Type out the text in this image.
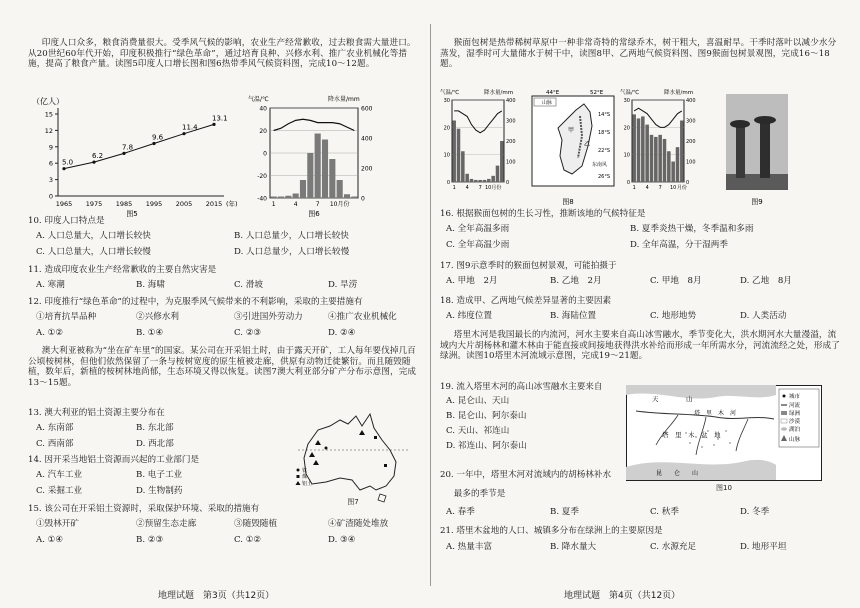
印度人口众多，粮食消费量很大。受季风气候的影响，农业生产经常歉收，过去粮食需大量进口。从20世纪60年代开始，印度积极推行“绿色革命”，通过培育良种、兴修水利、推广农业机械化等措施，提高了粮食产量。读图5印度人口增长图和图6热带季风气候资料图，完成10～12题。

（亿人）
15
12
9
6
3
0
1965 1975 1985 1995 2005 2015 (年)
5.0
6.2
7.8
9.6
11.4
13.1
图5
气温/℃	降水量/mm
40
20
0
-20
-40
600
400
200
0
1	4	7 10月份
图6

10. 印度人口特点是

A. 人口总量大，人口增长较快	B. 人口总量少，人口增长较快
C. 人口总量大，人口增长较慢	D. 人口总量少，人口增长较慢

11. 造成印度农业生产经常歉收的主要自然灾害是

A. 寒潮	B. 海啸	C. 滑坡	D. 旱涝

12. 印度推行“绿色革命”的过程中，为克服季风气候带来的不利影响，采取的主要措施有

①培育抗旱品种	②兴修水利	③引进国外劳动力	④推广农业机械化
A. ①②	B. ①④	C. ②③	D. ②④

澳大利亚被称为“坐在矿车里”的国家。某公司在开采铝土时，由于露天开矿，工人每年要伐掉几百公顷桉树林，但他们依然保留了一条与桉树宽度的原生植被走廊，供原有动物迁徙繁衍。而且随毁随植，数年后，新植的桉树林地尚郁，生态环境又得以恢复。读图7澳大利亚部分矿产分布示意图，完成13～15题。

13. 澳大利亚的铝土资源主要分布在

A. 东南部	B. 东北部
C. 西南部	D. 西北部

14. 因开采当地铝土资源而兴起的工业部门是

A. 汽车工业	B. 电子工业
C. 采掘工业	D. 生物制药
铁
煤
铝土
图7

15. 该公司在开采铝土资源时，采取保护环境、采取的措施有

①毁林开矿	②预留生态走廊	③随毁随植	④矿渣随处堆放
A. ①④	B. ②③	C. ①②	D. ③④
地理试题　第3页（共12页）

猴面包树是热带稀树草原中一种非常奇特的常绿乔木，树干粗大，喜温耐旱。干季时落叶以减少水分蒸发，湿季时可大量储水于树干中，读图8甲、乙两地气候资料图、图9猴面包树景观图，完成16～18题。

气温/℃	降水量/mm
30
20
10
0
400
300
200
100
0
1 4 7 10月份
气温/℃	降水量/mm
30
20
10
0
400
300
200
100
0
1 4 7 10 月份
44°E	52°E
山脉
甲
乙
14°S
18°S
22°S
26°S
东南风
图8	图9

16. 根据猴面包树的生长习性，推断该地的气候特征是

A. 全年高温多雨	B. 夏季炎热干燥，冬季温和多雨
C. 全年高温少雨	D. 全年高温，分干湿两季

17. 图9示意季时的猴面包树景观，可能拍摄于

A. 甲地　2月	B. 乙地　2月	C. 甲地　8月	D. 乙地　8月

18. 造成甲、乙两地气候差异显著的主要因素

A. 纬度位置	B. 海陆位置	C. 地形地势	D. 人类活动

塔里木河是我国最长的内流河，河水主要来自高山冰雪融水，季节变化大，洪水期河水大量漫溢，流域内大片胡杨林和灌木林由于能直接或间接地获得洪水补给而形成一年所需水分，河流流经之处，形成了绿洲。读图10塔里木河流域示意图，完成19～21题。

19. 流入塔里木河的高山冰雪融水主要来自

A. 昆仑山、天山
B. 昆仑山、阿尔泰山
C. 天山、祁连山
D. 祁连山、阿尔泰山
天	山
塔　里　木　河
塔　里　木　盆　地
昆　　仑　　山
城市
河流
绿洲
沙漠
湖泊
山脉
图10

20. 一年中，塔里木河对流域内的胡杨林补水

最多的季节是

A. 春季	B. 夏季	C. 秋季	D. 冬季

21. 塔里木盆地的人口、城镇多分布在绿洲上的主要原因是

A. 热量丰富	B. 降水量大	C. 水源充足	D. 地形平坦
地理试题　第4页（共12页）
